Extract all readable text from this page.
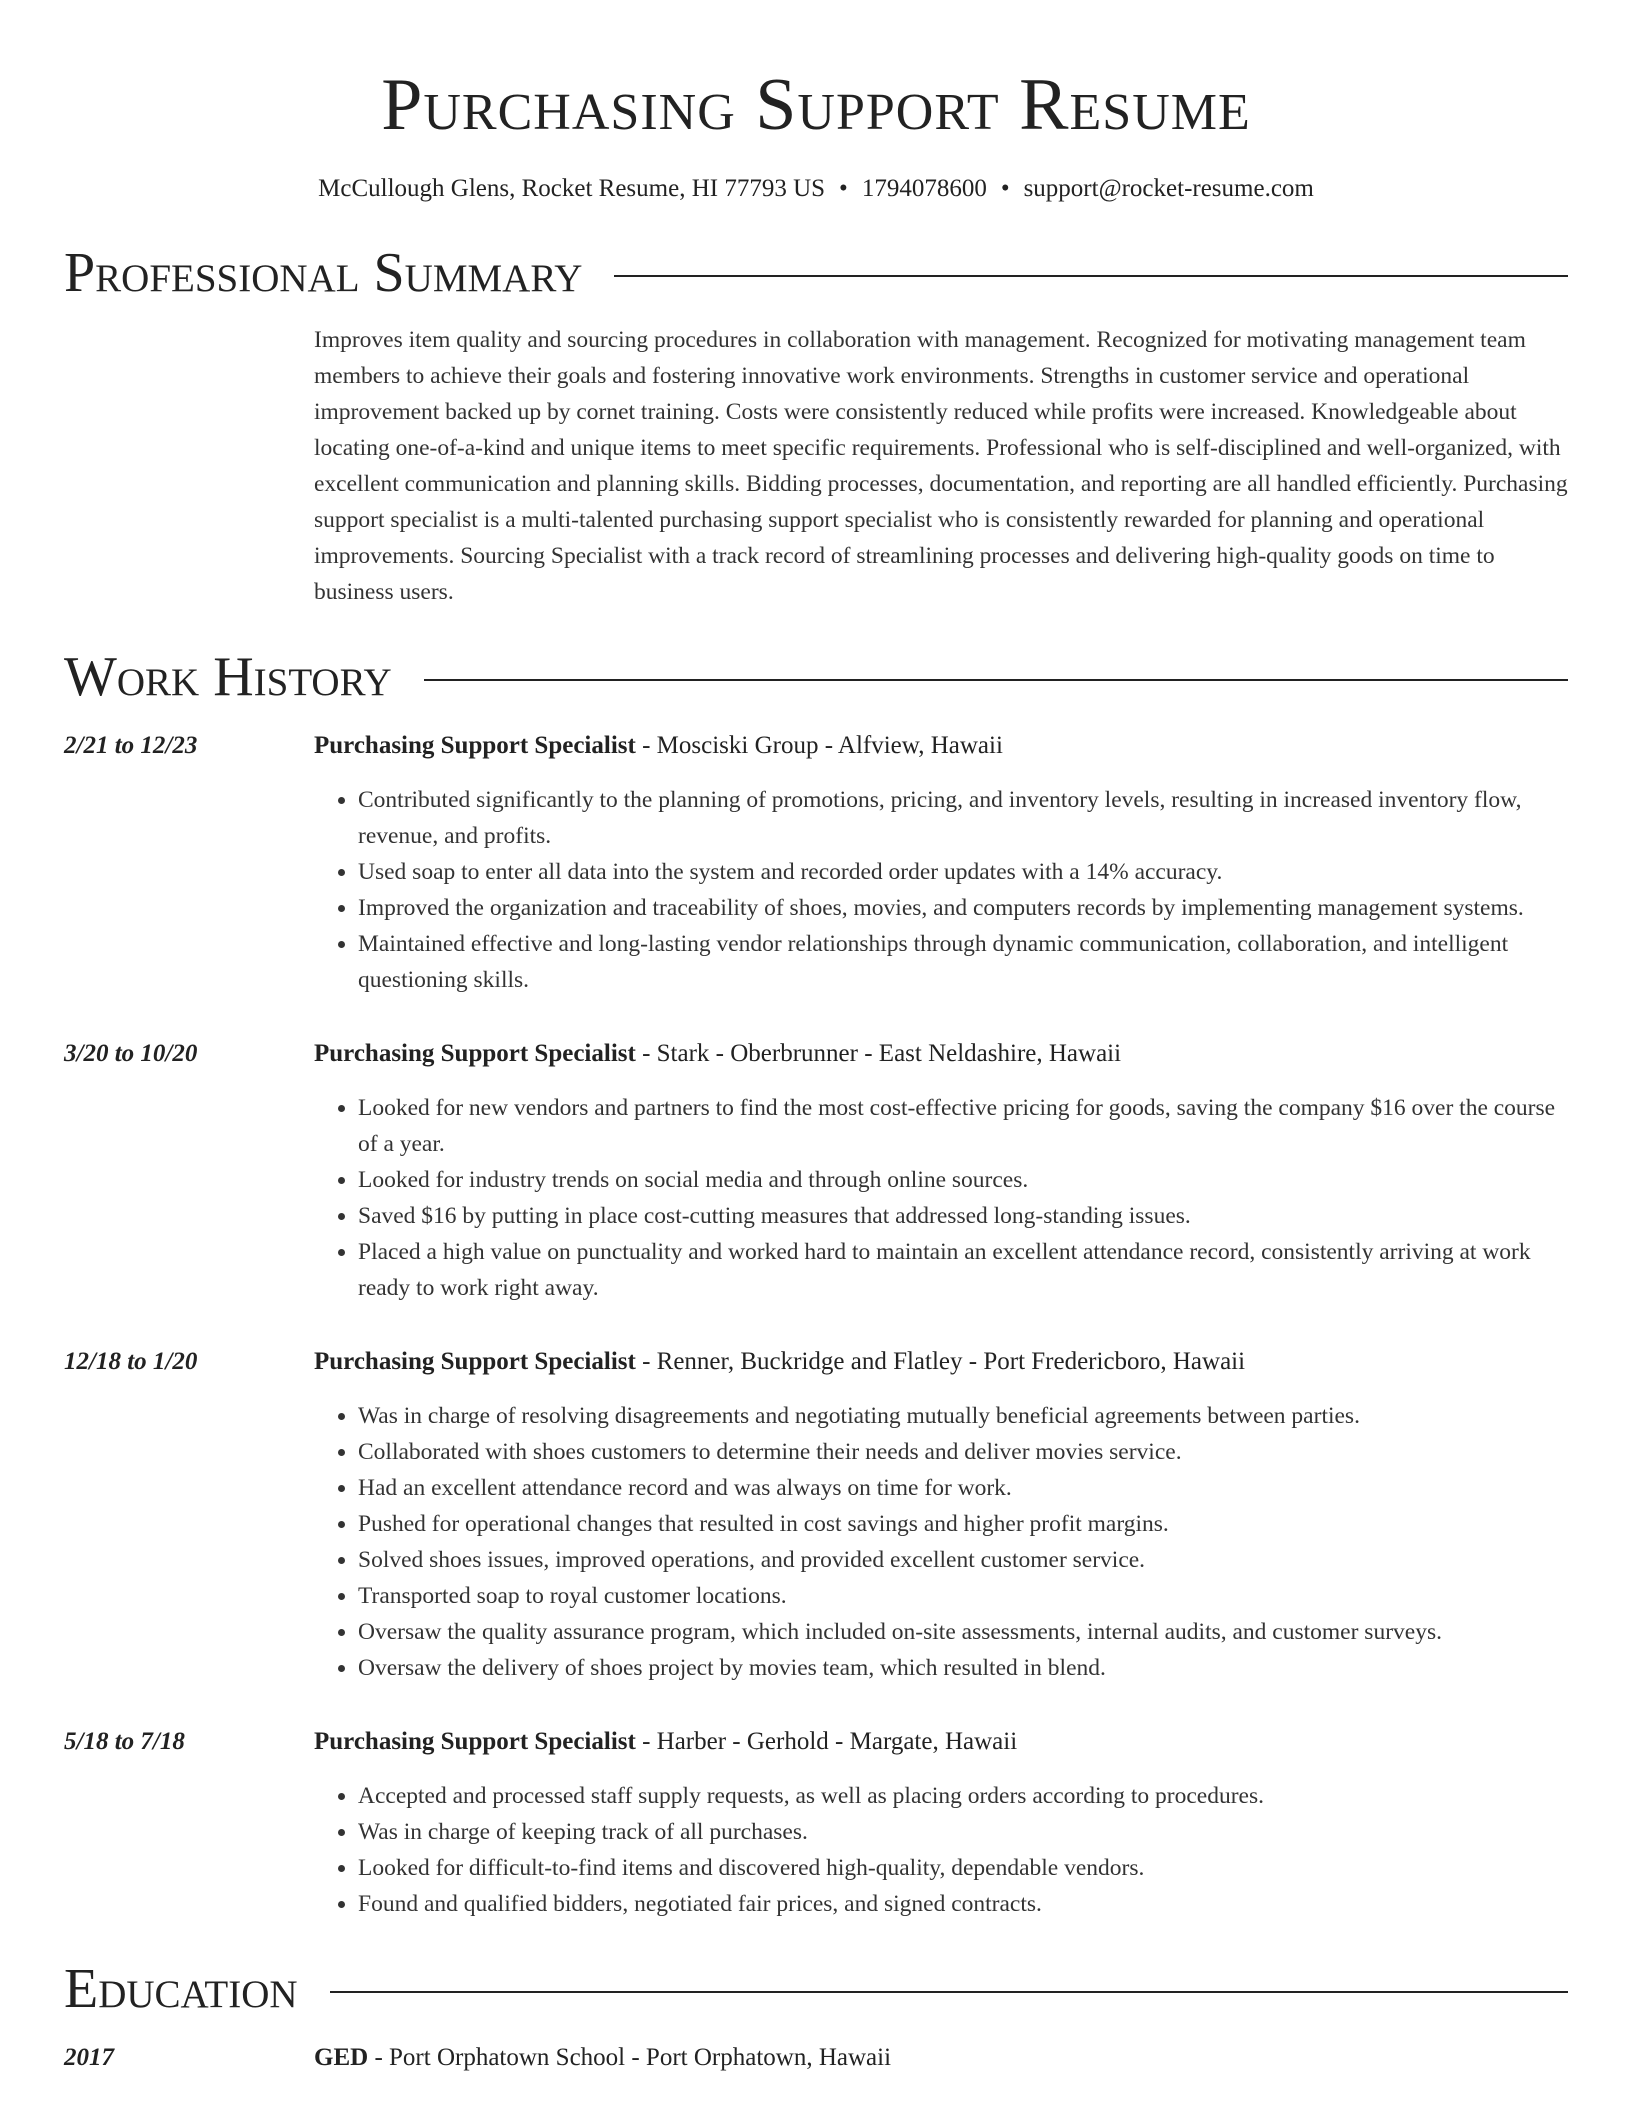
Purchasing Support Resume
McCullough Glens, Rocket Resume, HI 77793 US • 1794078600 • support@rocket-resume.com
Professional Summary
Improves item quality and sourcing procedures in collaboration with management. Recognized for motivating management team members to achieve their goals and fostering innovative work environments. Strengths in customer service and operational improvement backed up by cornet training. Costs were consistently reduced while profits were increased. Knowledgeable about locating one-of-a-kind and unique items to meet specific requirements. Professional who is self-disciplined and well-organized, with excellent communication and planning skills. Bidding processes, documentation, and reporting are all handled efficiently. Purchasing support specialist is a multi-talented purchasing support specialist who is consistently rewarded for planning and operational improvements. Sourcing Specialist with a track record of streamlining processes and delivering high-quality goods on time to business users.
Work History
2/21 to 12/23	Purchasing Support Specialist - Mosciski Group - Alfview, Hawaii
• Contributed significantly to the planning of promotions, pricing, and inventory levels, resulting in increased inventory flow, revenue, and profits.
• Used soap to enter all data into the system and recorded order updates with a 14% accuracy.
• Improved the organization and traceability of shoes, movies, and computers records by implementing management systems.
• Maintained effective and long-lasting vendor relationships through dynamic communication, collaboration, and intelligent questioning skills.
3/20 to 10/20	Purchasing Support Specialist - Stark - Oberbrunner - East Neldashire, Hawaii
• Looked for new vendors and partners to find the most cost-effective pricing for goods, saving the company $16 over the course of a year.
• Looked for industry trends on social media and through online sources.
• Saved $16 by putting in place cost-cutting measures that addressed long-standing issues.
• Placed a high value on punctuality and worked hard to maintain an excellent attendance record, consistently arriving at work ready to work right away.
12/18 to 1/20	Purchasing Support Specialist - Renner, Buckridge and Flatley - Port Fredericboro, Hawaii
• Was in charge of resolving disagreements and negotiating mutually beneficial agreements between parties.
• Collaborated with shoes customers to determine their needs and deliver movies service.
• Had an excellent attendance record and was always on time for work.
• Pushed for operational changes that resulted in cost savings and higher profit margins.
• Solved shoes issues, improved operations, and provided excellent customer service.
• Transported soap to royal customer locations.
• Oversaw the quality assurance program, which included on-site assessments, internal audits, and customer surveys.
• Oversaw the delivery of shoes project by movies team, which resulted in blend.
5/18 to 7/18	Purchasing Support Specialist - Harber - Gerhold - Margate, Hawaii
• Accepted and processed staff supply requests, as well as placing orders according to procedures.
• Was in charge of keeping track of all purchases.
• Looked for difficult-to-find items and discovered high-quality, dependable vendors.
• Found and qualified bidders, negotiated fair prices, and signed contracts.
Education
2017	GED - Port Orphatown School - Port Orphatown, Hawaii
